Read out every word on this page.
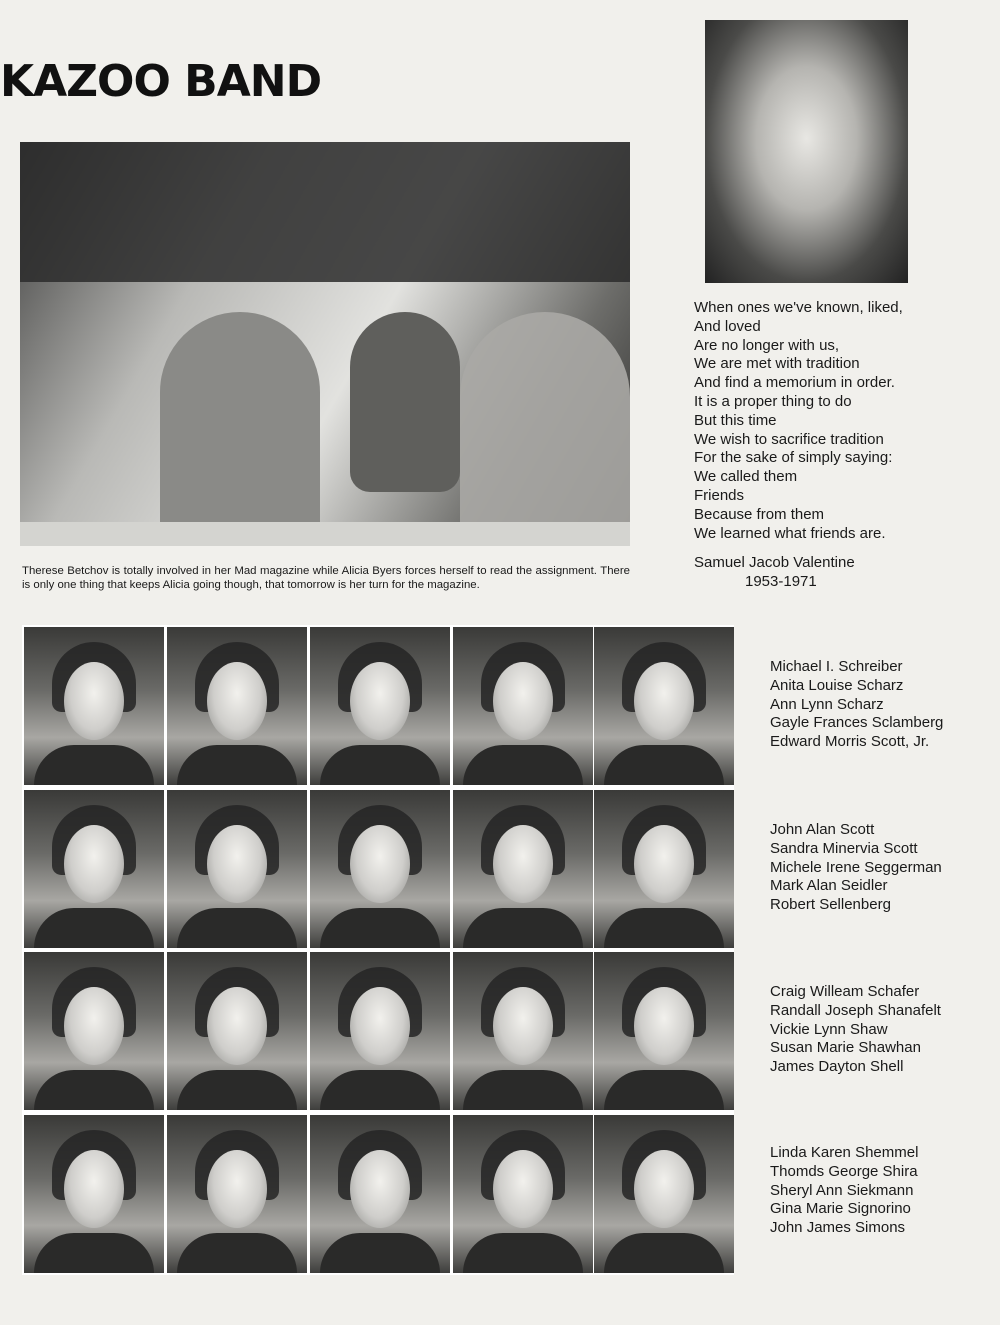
KAZOO BAND

Therese Betchov is totally involved in her Mad magazine while Alicia Byers forces herself to read the assignment. There is only one thing that keeps Alicia going though, that tomorrow is her turn for the magazine.

When ones we've known, liked,
And loved
Are no longer with us,
We are met with tradition
And find a memorium in order.
It is a proper thing to do
But this time
We wish to sacrifice tradition
For the sake of simply saying:
We called them
Friends
Because from them
We learned what friends are.

Samuel Jacob Valentine

1953-1971

Michael I. Schreiber
Anita Louise Scharz
Ann Lynn Scharz
Gayle Frances Sclamberg
Edward Morris Scott, Jr.
John Alan Scott
Sandra Minervia Scott
Michele Irene Seggerman
Mark Alan Seidler
Robert Sellenberg
Craig Willeam Schafer
Randall Joseph Shanafelt
Vickie Lynn Shaw
Susan Marie Shawhan
James Dayton Shell
Linda Karen Shemmel
Thomds George Shira
Sheryl Ann Siekmann
Gina Marie Signorino
John James Simons
